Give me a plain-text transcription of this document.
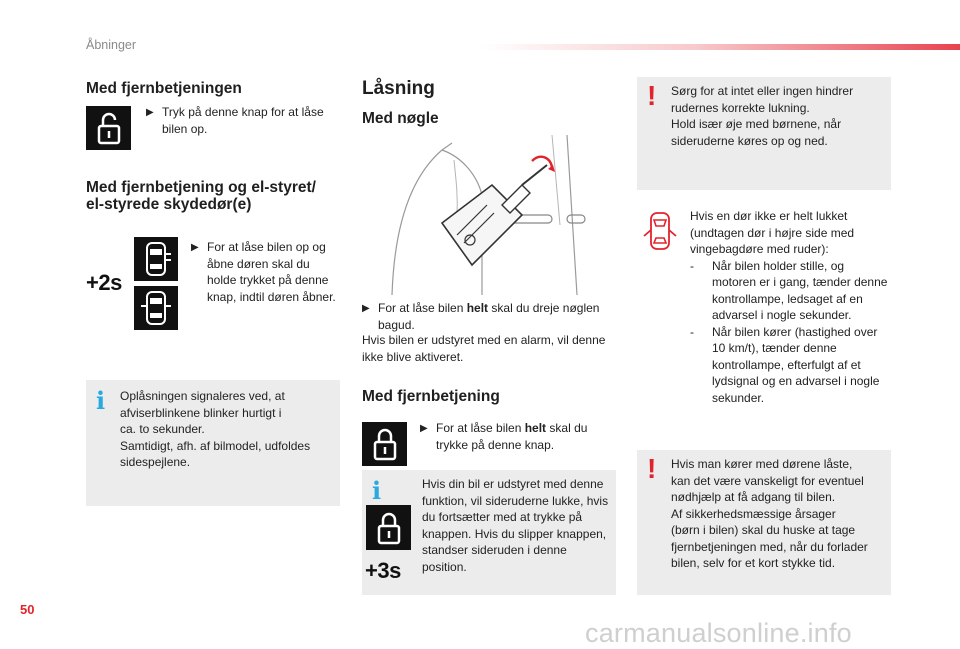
Åbninger
Med fjernbetjeningen
▶ Tryk på denne knap for at låse bilen op.
Med fjernbetjening og el-styret/
el-styrede skydedør(e)
+2s
▶ For at låse bilen op og åbne døren skal du holde trykket på denne knap, indtil døren åbner.
i Oplåsningen signaleres ved, at
afviserblinkene blinker hurtigt i
ca. to sekunder.
Samtidigt, afh. af bilmodel, udfoldes
sidespejlene.
Låsning
Med nøgle
▶ For at låse bilen helt skal du dreje nøglen bagud.
Hvis bilen er udstyret med en alarm, vil denne ikke blive aktiveret.
Med fjernbetjening
▶ For at låse bilen helt skal du trykke på denne knap.
i
+3s
Hvis din bil er udstyret med denne funktion, vil sideruderne lukke, hvis du fortsætter med at trykke på knappen. Hvis du slipper knappen, standser sideruden i denne position.
! Sørg for at intet eller ingen hindrer
rudernes korrekte lukning.
Hold især øje med børnene, når
sideruderne køres op og ned.
Hvis en dør ikke er helt lukket (undtagen dør i højre side med vingebagdøre med ruder):
-	Når bilen holder stille, og motoren er i gang, tænder denne kontrollampe, ledsaget af en advarsel i nogle sekunder.
-	Når bilen kører (hastighed over 10 km/t), tænder denne kontrollampe, efterfulgt af et lydsignal og en advarsel i nogle sekunder.
! Hvis man kører med dørene låste,
kan det være vanskeligt for eventuel
nødhjælp at få adgang til bilen.
Af sikkerhedsmæssige årsager
(børn i bilen) skal du huske at tage
fjernbetjeningen med, når du forlader
bilen, selv for et kort stykke tid.
50
carmanualsonline.info
